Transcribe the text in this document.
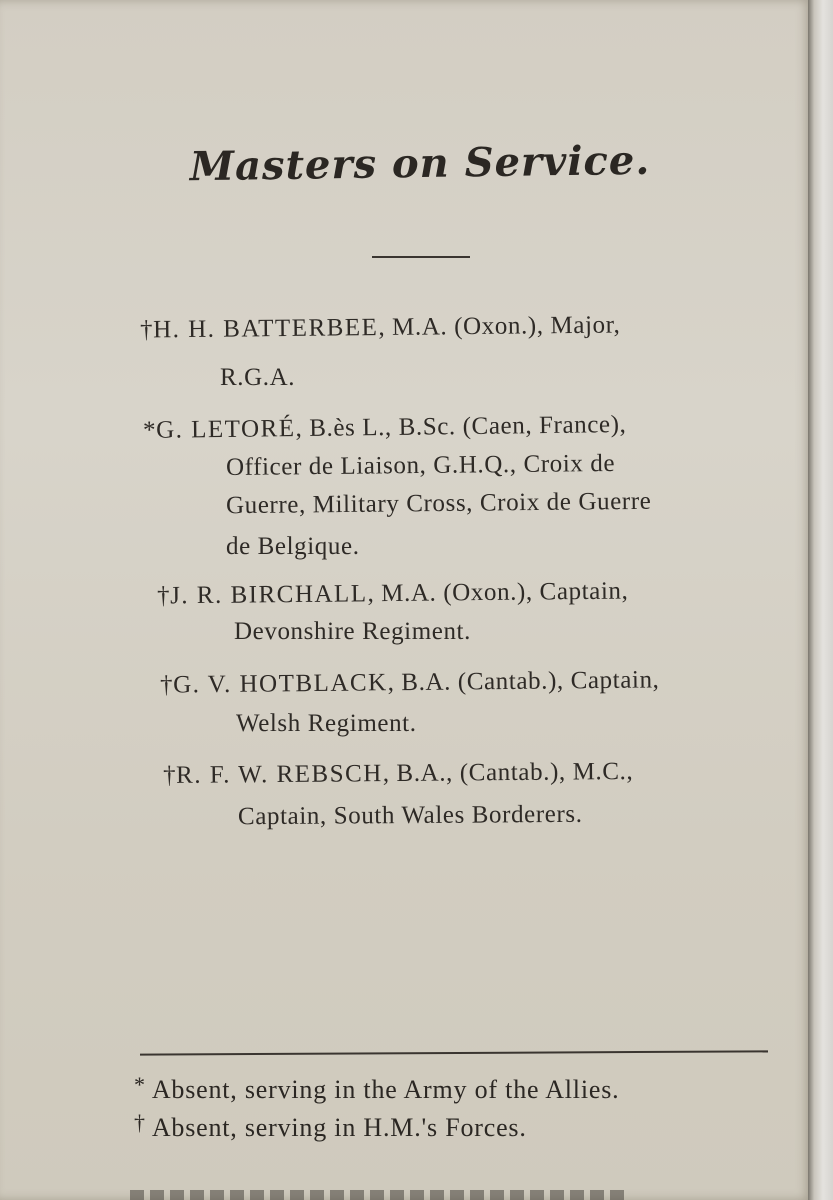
Masters on Service.
†H. H. BATTERBEE, M.A. (Oxon.), Major,
R.G.A.
*G. LETORÉ, B.ès L., B.Sc. (Caen, France),
Officer de Liaison, G.H.Q., Croix de
Guerre, Military Cross, Croix de Guerre
de Belgique.
†J. R. BIRCHALL, M.A. (Oxon.), Captain,
Devonshire Regiment.
†G. V. HOTBLACK, B.A. (Cantab.), Captain,
Welsh Regiment.
†R. F. W. REBSCH, B.A., (Cantab.), M.C.,
Captain, South Wales Borderers.
* Absent, serving in the Army of the Allies.
† Absent, serving in H.M.'s Forces.
